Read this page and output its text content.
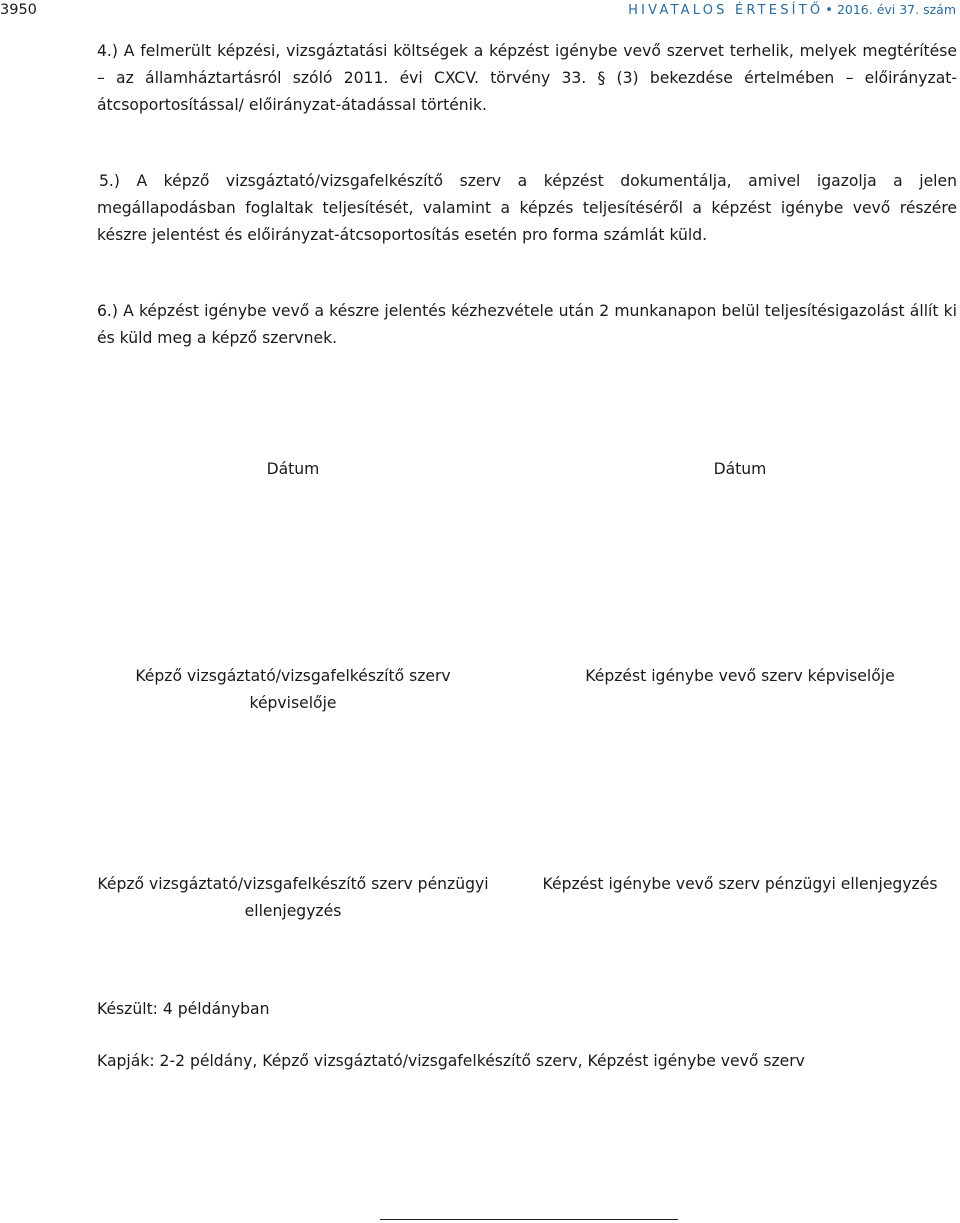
3950	HIVATALOS ÉRTESÍTŐ • 2016. évi 37. szám

4.) A felmerült képzési, vizsgáztatási költségek a képzést igénybe vevő szervet terhelik, melyek megtérítése – az államháztartásról szóló 2011. évi CXCV. törvény 33. § (3) bekezdése értelmében – előirányzat-átcsoportosítással/ előirányzat-átadással történik.

5.) A képző vizsgáztató/vizsgafelkészítő szerv a képzést dokumentálja, amivel igazolja a jelen megállapodásban foglaltak teljesítését, valamint a képzés teljesítéséről a képzést igénybe vevő részére készre jelentést és előirányzat-átcsoportosítás esetén pro forma számlát küld.

6.) A képzést igénybe vevő a készre jelentés kézhezvétele után 2 munkanapon belül teljesítésigazolást állít ki és küld meg a képző szervnek.

Dátum	Dátum
Képző vizsgáztató/vizsgafelkészítő szerv
képviselője
Képzést igénybe vevő szerv képviselője
Képző vizsgáztató/vizsgafelkészítő szerv pénzügyi
ellenjegyzés
Képzést igénybe vevő szerv pénzügyi ellenjegyzés
Készült: 4 példányban
Kapják: 2-2 példány, Képző vizsgáztató/vizsgafelkészítő szerv, Képzést igénybe vevő szerv
